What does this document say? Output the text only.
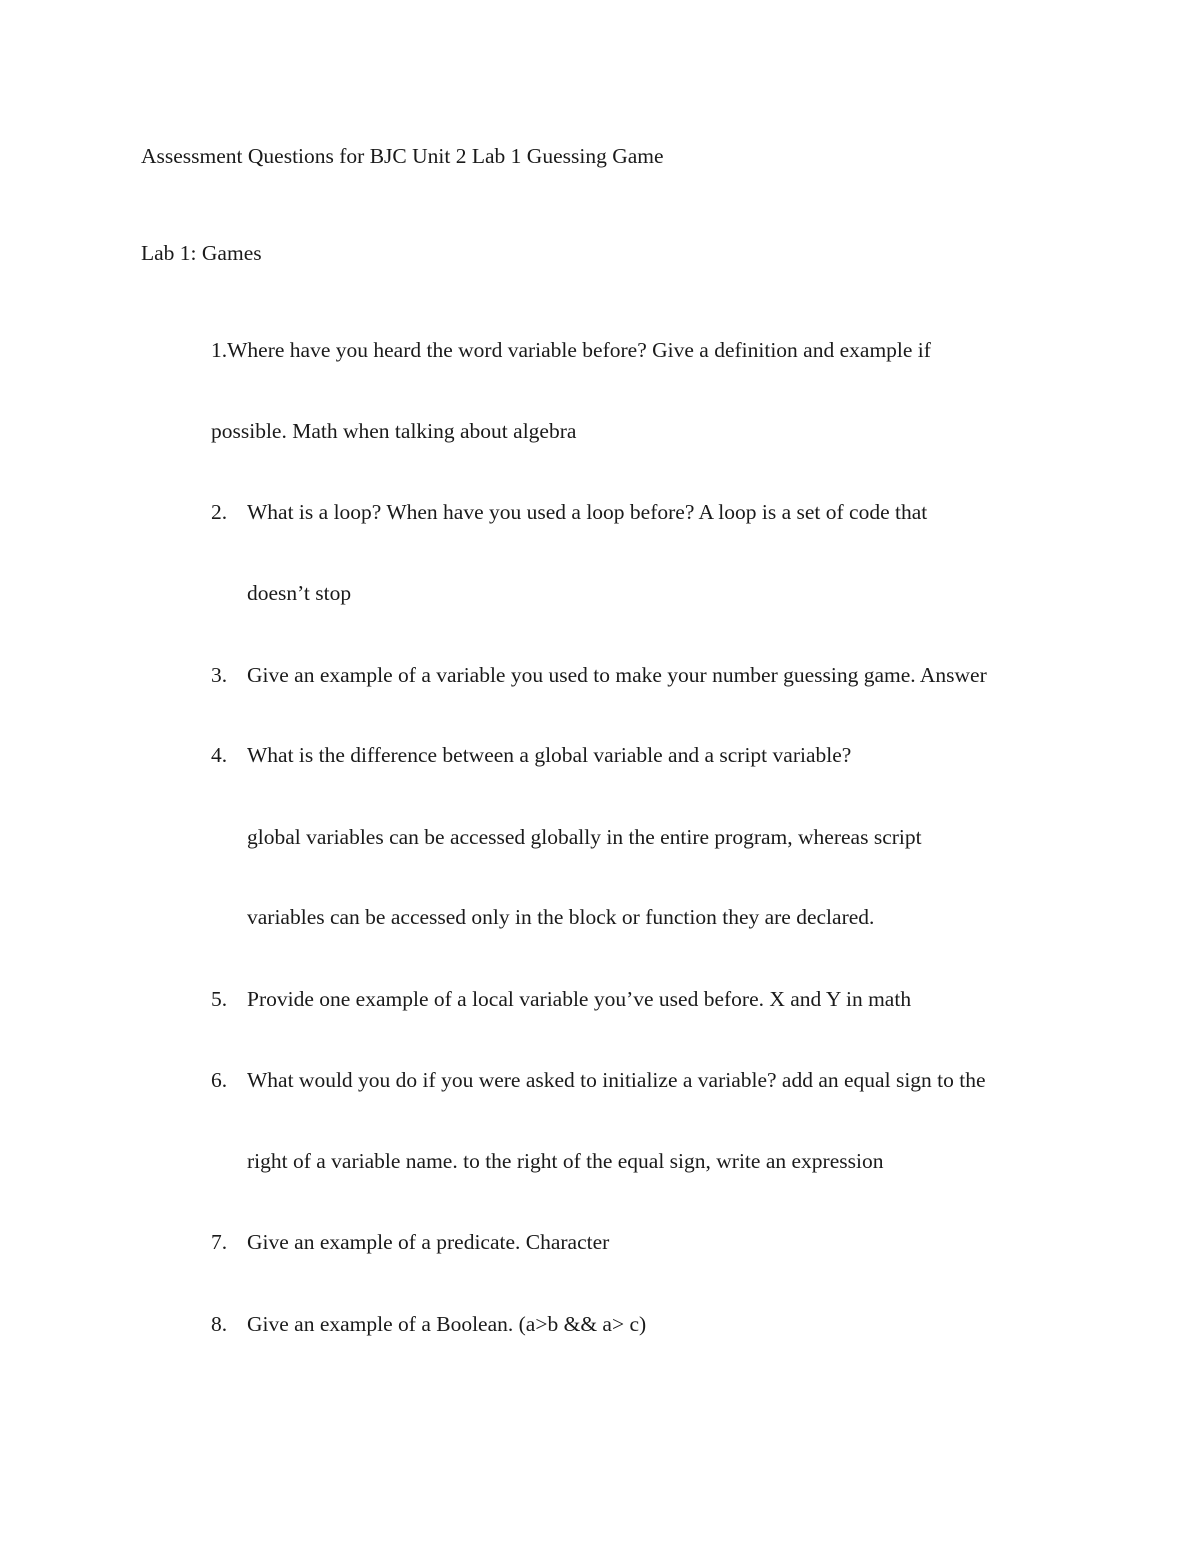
Assessment Questions for BJC Unit 2 Lab 1 Guessing Game
Lab 1: Games
1.Where have you heard the word variable before? Give a definition and example if
possible. Math when talking about algebra
2. What is a loop? When have you used a loop before? A loop is a set of code that
doesn’t stop
3. Give an example of a variable you used to make your number guessing game. Answer
4. What is the difference between a global variable and a script variable?
global variables can be accessed globally in the entire program, whereas script
variables can be accessed only in the block or function they are declared.
5. Provide one example of a local variable you’ve used before. X and Y in math
6. What would you do if you were asked to initialize a variable? add an equal sign to the
right of a variable name. to the right of the equal sign, write an expression
7. Give an example of a predicate. Character
8. Give an example of a Boolean. (a>b && a> c)
